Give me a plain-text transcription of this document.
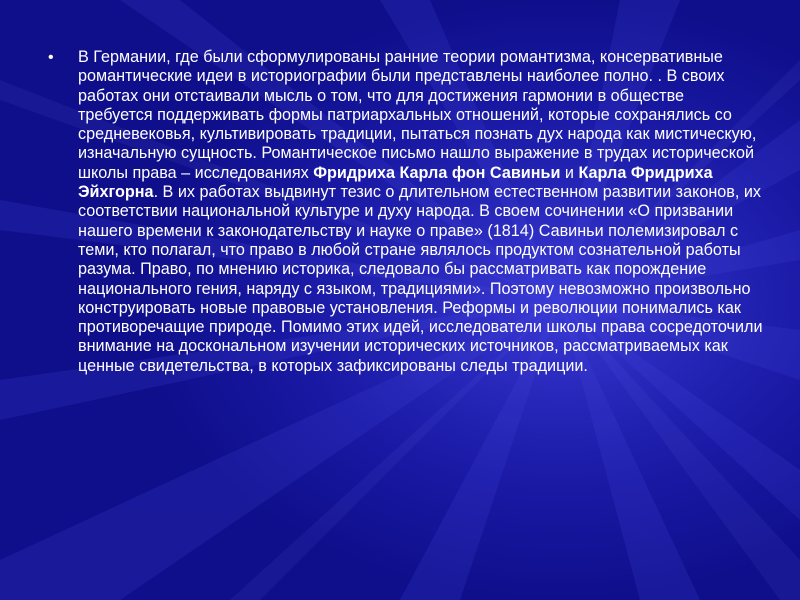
•	В Германии, где были сформулированы ранние теории романтизма, консервативные романтические идеи в историографии были представлены наиболее полно. . В своих работах они отстаивали мысль о том, что для достижения гармонии в обществе требуется поддерживать формы патриархальных отношений, которые сохранялись со средневековья, культивировать традиции, пытаться познать дух народа как мистическую, изначальную сущность. Романтическое письмо нашло выражение в трудах исторической школы права – исследованиях Фридриха Карла фон Савиньи и Карла Фридриха Эйхгорна. В их работах выдвинут тезис о длительном естественном развитии законов, их соответствии национальной культуре и духу народа. В своем сочинении «О призвании нашего времени к законодательству и науке о праве» (1814) Савиньи полемизировал с теми, кто полагал, что право в любой стране являлось продуктом сознательной работы разума. Право, по мнению историка, следовало бы рассматривать как порождение национального гения, наряду с языком, традициями». Поэтому невозможно произвольно конструировать новые правовые установления. Реформы и революции понимались как противоречащие природе. Помимо этих идей, исследователи школы права сосредоточили внимание на доскональном изучении исторических источников, рассматриваемых как ценные свидетельства, в которых зафиксированы следы традиции.
